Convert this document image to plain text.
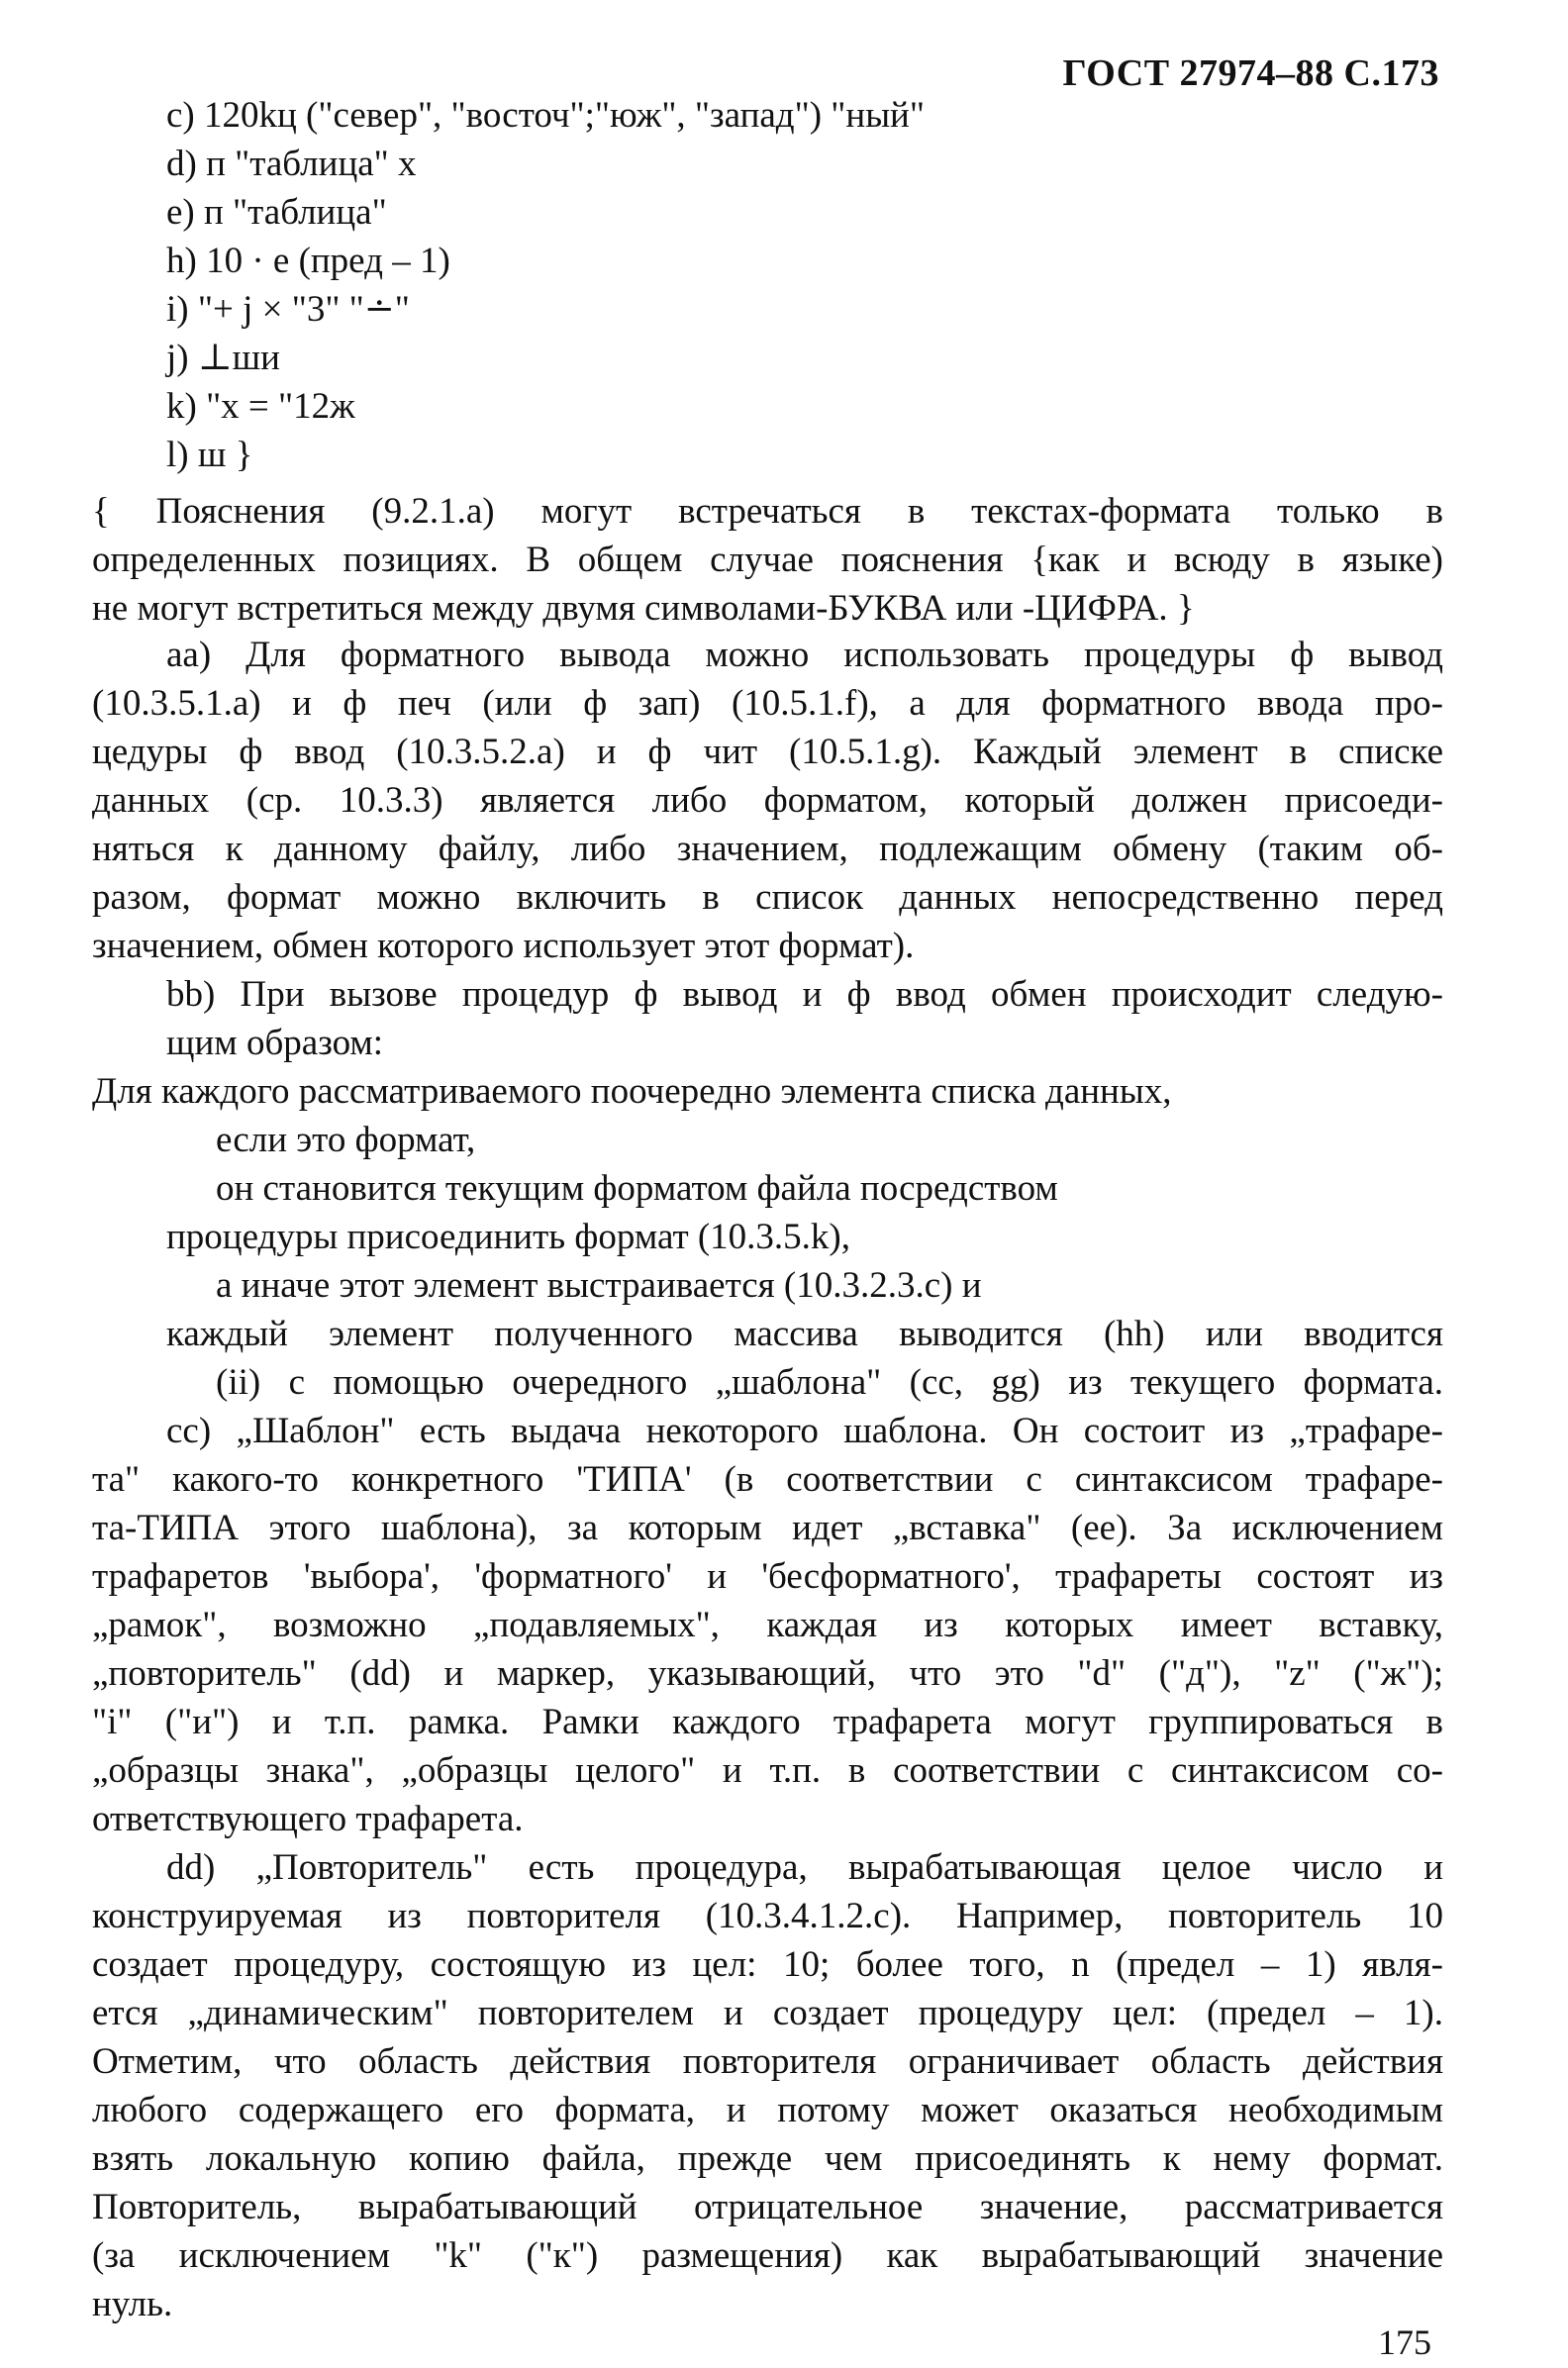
ГОСТ 27974–88 С.173
c) 120kц ("север", "восточ";"юж", "запад") "ный"
d) п "таблица" х
e) п "таблица"
h) 10 · e (пред – 1)
i) "+ j × "3" "∸"
j) ⊥ши
k) "х = "12ж
l) ш }
{ Пояснения (9.2.1.a) могут встречаться в текстах-формата только в
определенных позициях. В общем случае пояснения {как и всюду в языке)
не могут встретиться между двумя символами-БУКВА или -ЦИФРА. }
aa) Для форматного вывода можно использовать процедуры ф вывод
(10.3.5.1.a) и ф печ (или ф зап) (10.5.1.f), а для форматного ввода про-
цедуры ф ввод (10.3.5.2.a) и ф чит (10.5.1.g). Каждый элемент в списке
данных (ср. 10.3.3) является либо форматом, который должен присоеди-
няться к данному файлу, либо значением, подлежащим обмену (таким об-
разом, формат можно включить в список данных непосредственно перед
значением, обмен которого использует этот формат).
bb) При вызове процедур ф вывод и ф ввод обмен происходит следую-
щим образом:
Для каждого рассматриваемого поочередно элемента списка данных,
если это формат,
он становится текущим форматом файла посредством
процедуры присоединить формат (10.3.5.k),
а иначе этот элемент выстраивается (10.3.2.3.c) и
каждый элемент полученного массива выводится (hh) или вводится
(ii) с помощью очередного „шаблона" (cc, gg) из текущего формата.
cc) „Шаблон" есть выдача некоторого шаблона. Он состоит из „трафаре-
та" какого-то конкретного 'ТИПА' (в соответствии с синтаксисом трафаре-
та-ТИПА этого шаблона), за которым идет „вставка" (ee). За исключением
трафаретов 'выбора', 'форматного' и 'бесформатного', трафареты состоят из
„рамок", возможно „подавляемых", каждая из которых имеет вставку,
„повторитель" (dd) и маркер, указывающий, что это "d" ("д"), "z" ("ж");
"i" ("и") и т.п. рамка. Рамки каждого трафарета могут группироваться в
„образцы знака", „образцы целого" и т.п. в соответствии с синтаксисом со-
ответствующего трафарета.
dd) „Повторитель" есть процедура, вырабатывающая целое число и
конструируемая из повторителя (10.3.4.1.2.c). Например, повторитель 10
создает процедуру, состоящую из цел: 10; более того, n (предел – 1) явля-
ется „динамическим" повторителем и создает процедуру цел: (предел – 1).
Отметим, что область действия повторителя ограничивает область действия
любого содержащего его формата, и потому может оказаться необходимым
взять локальную копию файла, прежде чем присоединять к нему формат.
Повторитель, вырабатывающий отрицательное значение, рассматривается
(за исключением "k" ("к") размещения) как вырабатывающий значение
нуль.
175
